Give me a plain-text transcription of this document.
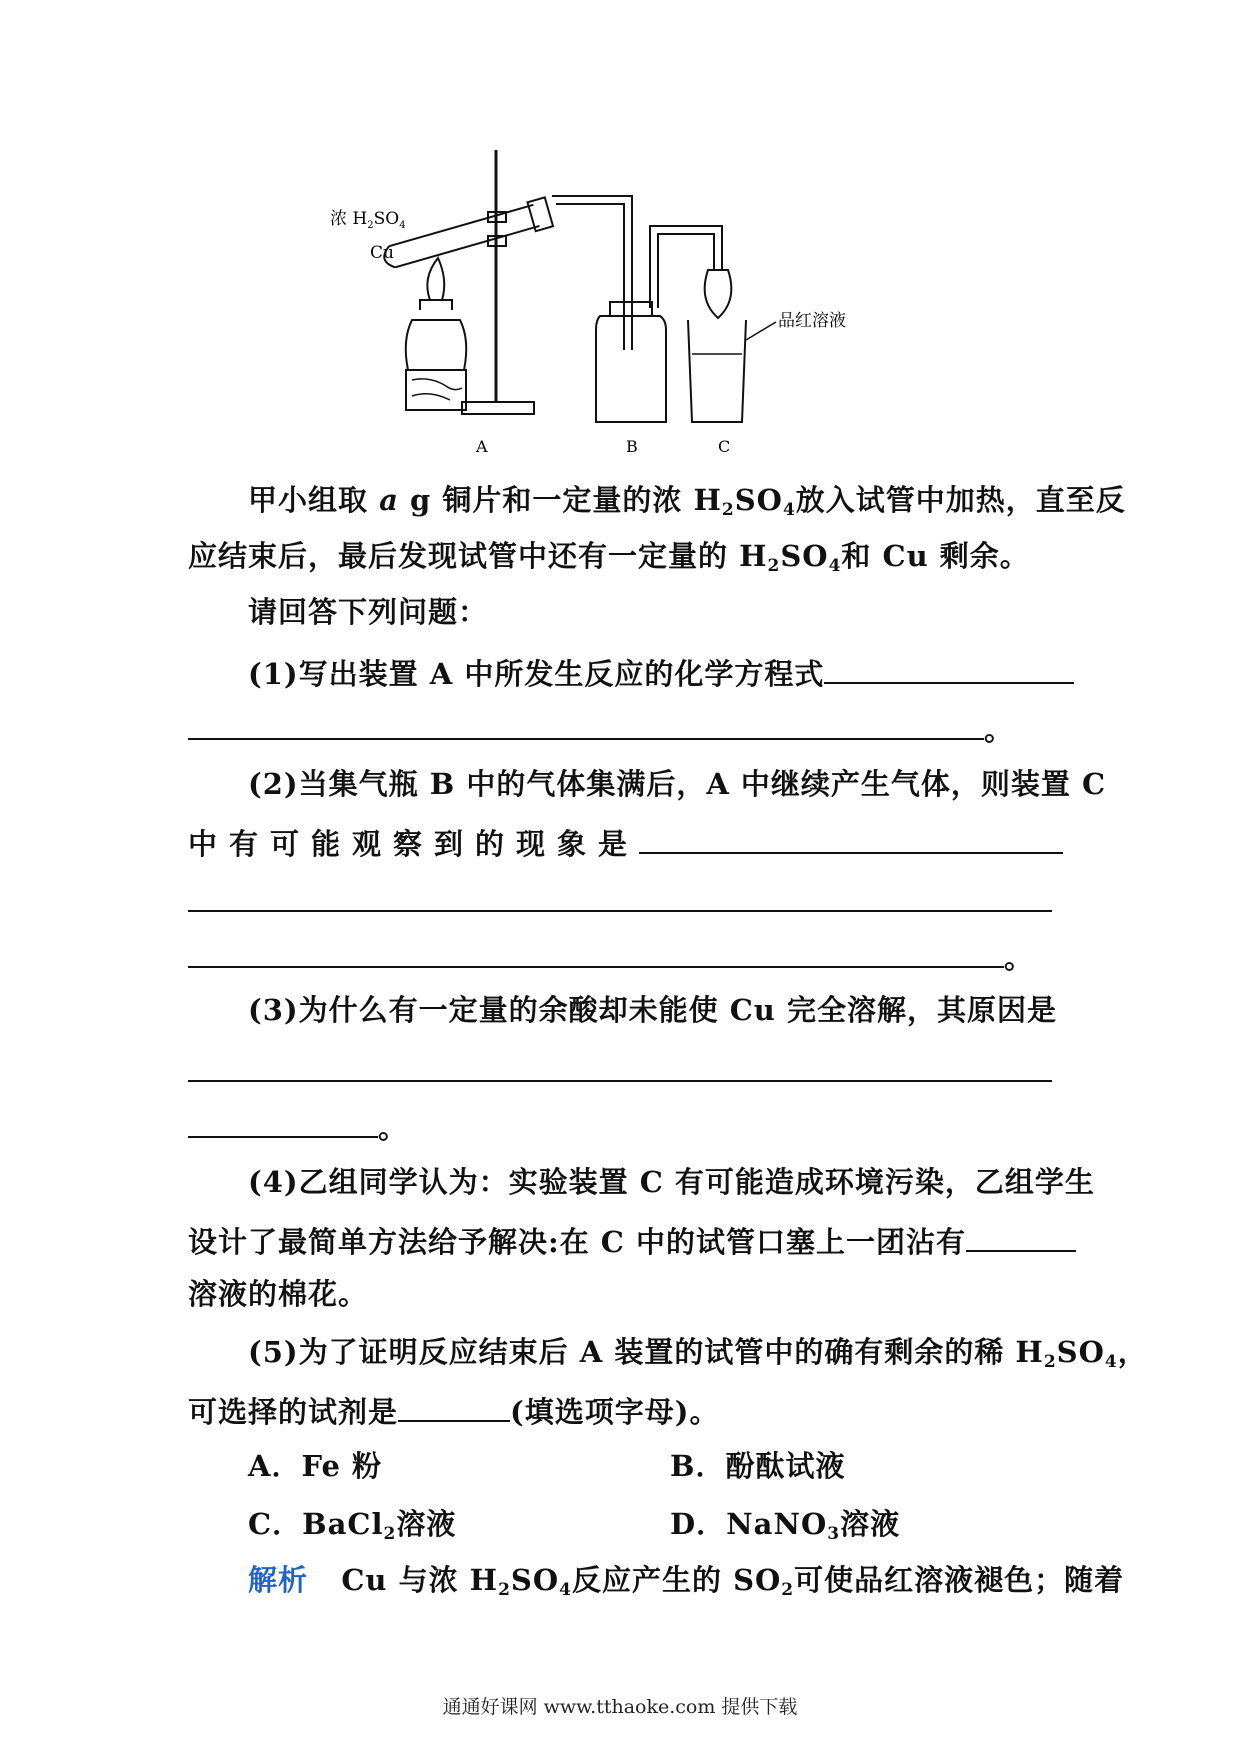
浓 $H_2SO_4$
Cu
品红溶液
A	B	C
甲小组取 a g 铜片和一定量的浓 $H_2SO_4$放入试管中加热，直至反
应结束后，最后发现试管中还有一定量的 $H_2SO_4$和 Cu 剩余。
请回答下列问题：
(1)写出装置 A 中所发生反应的化学方程式
。
(2)当集气瓶 B 中的气体集满后，A 中继续产生气体，则装置 C
中有可能观察到的现象是
。
(3)为什么有一定量的余酸却未能使 Cu 完全溶解，其原因是
。
(4)乙组同学认为：实验装置 C 有可能造成环境污染，乙组学生
设计了最简单方法给予解决:在 C 中的试管口塞上一团沾有
溶液的棉花。
(5)为了证明反应结束后 A 装置的试管中的确有剩余的稀 $H_2SO_4$，
可选择的试剂是	(填选项字母)。
A．Fe 粉	B．酚酞试液
C．BaCl$_2$溶液	D．NaNO$_3$溶液
解析 Cu 与浓 $H_2SO_4$反应产生的 $SO_2$可使品红溶液褪色；随着
通通好课网 www.tthaoke.com 提供下载
